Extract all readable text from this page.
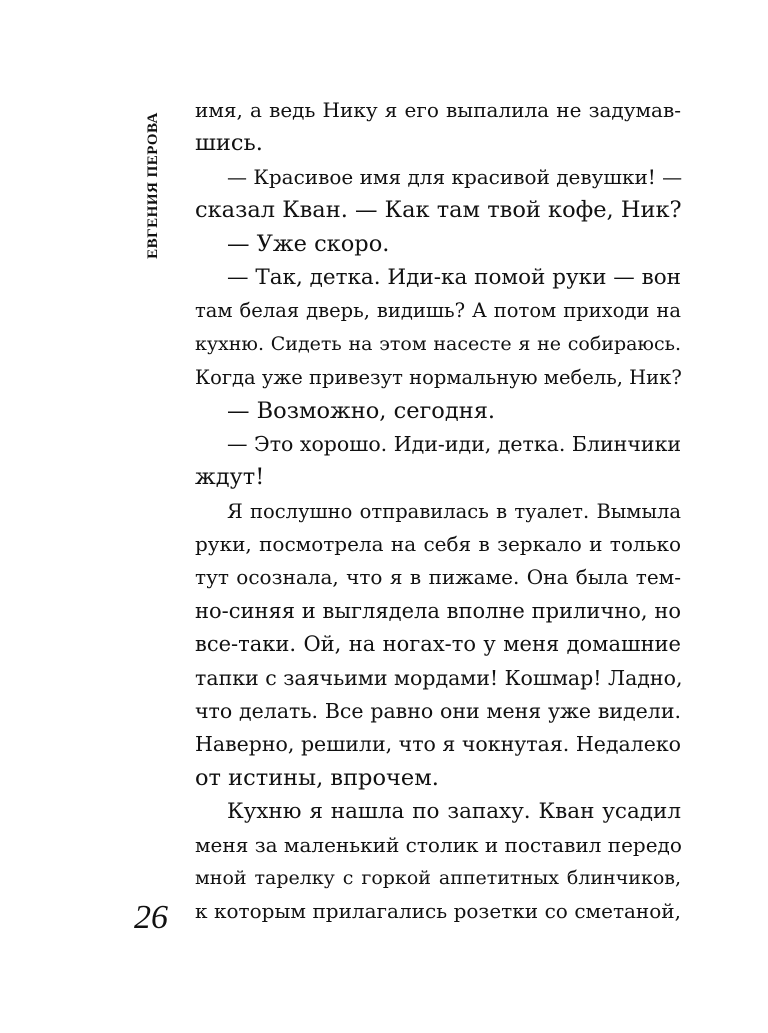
ЕВГЕНИЯ ПЕРОВА
26
имя, а ведь Нику я его выпалила не задумав-
шись.
— Красивое имя для красивой девушки! —
сказал Кван. — Как там твой кофе, Ник?
— Уже скоро.
— Так, детка. Иди-ка помой руки — вон
там белая дверь, видишь? А потом приходи на
кухню. Сидеть на этом насесте я не собираюсь.
Когда уже привезут нормальную мебель, Ник?
— Возможно, сегодня.
— Это хорошо. Иди-иди, детка. Блинчики
ждут!
Я послушно отправилась в туалет. Вымыла
руки, посмотрела на себя в зеркало и только
тут осознала, что я в пижаме. Она была тем-
но-синяя и выглядела вполне прилично, но
все-таки. Ой, на ногах-то у меня домашние
тапки с заячьими мордами! Кошмар! Ладно,
что делать. Все равно они меня уже видели.
Наверно, решили, что я чокнутая. Недалеко
от истины, впрочем.
Кухню я нашла по запаху. Кван усадил
меня за маленький столик и поставил передо
мной тарелку с горкой аппетитных блинчиков,
к которым прилагались розетки со сметаной,
